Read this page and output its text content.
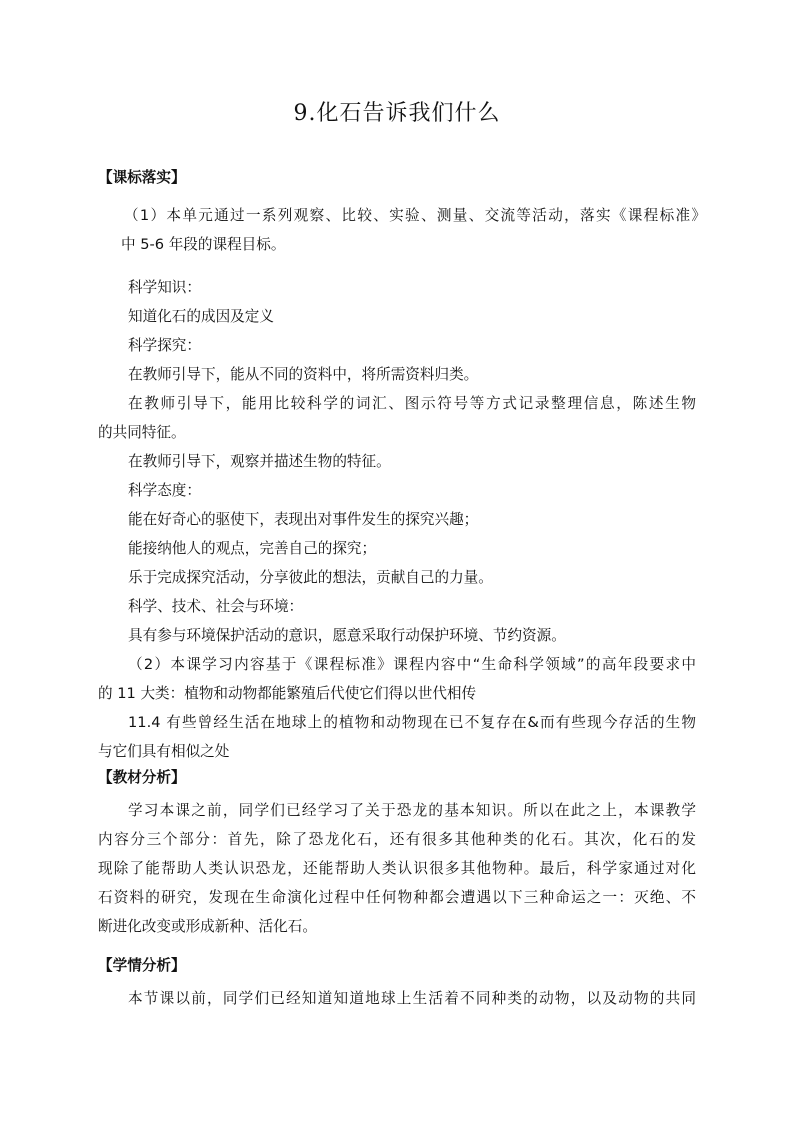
9.化石告诉我们什么
【课标落实】
（1）本单元通过一系列观察、比较、实验、测量、交流等活动，落实《课程标准》
中 5-6 年段的课程目标。
科学知识：
知道化石的成因及定义
科学探究：
在教师引导下，能从不同的资料中，将所需资料归类。
在教师引导下，能用比较科学的词汇、图示符号等方式记录整理信息，陈述生物
的共同特征。
在教师引导下，观察并描述生物的特征。
科学态度：
能在好奇心的驱使下，表现出对事件发生的探究兴趣；
能接纳他人的观点，完善自己的探究；
乐于完成探究活动，分享彼此的想法，贡献自己的力量。
科学、技术、社会与环境：
具有参与环境保护活动的意识，愿意采取行动保护环境、节约资源。
（2）本课学习内容基于《课程标准》课程内容中“生命科学领域”的高年段要求中
的 11 大类：植物和动物都能繁殖后代使它们得以世代相传
11.4 有些曾经生活在地球上的植物和动物现在已不复存在&而有些现今存活的生物
与它们具有相似之处
【教材分析】
学习本课之前，同学们已经学习了关于恐龙的基本知识。所以在此之上，本课教学
内容分三个部分：首先，除了恐龙化石，还有很多其他种类的化石。其次，化石的发
现除了能帮助人类认识恐龙，还能帮助人类认识很多其他物种。最后，科学家通过对化
石资料的研究，发现在生命演化过程中任何物种都会遭遇以下三种命运之一：灭绝、不
断进化改变或形成新种、活化石。
【学情分析】
本节课以前，同学们已经知道知道地球上生活着不同种类的动物，以及动物的共同
